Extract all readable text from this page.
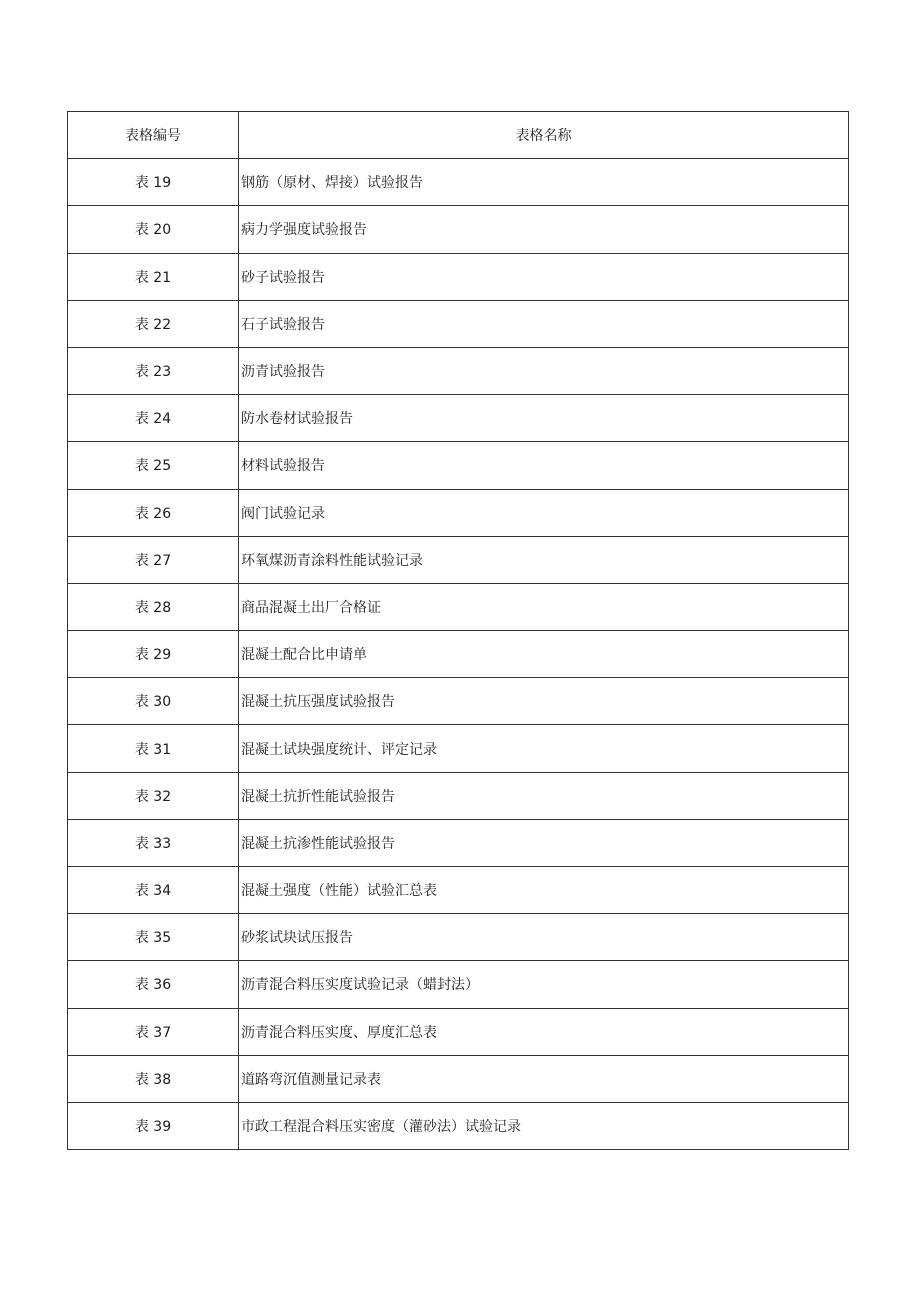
表格编号	表格名称
表 19	钢筋（原材、焊接）试验报告
表 20	病力学强度试验报告
表 21	砂子试验报告
表 22	石子试验报告
表 23	沥青试验报告
表 24	防水卷材试验报告
表 25	材料试验报告
表 26	阀门试验记录
表 27	环氧煤沥青涂料性能试验记录
表 28	商品混凝土出厂合格证
表 29	混凝土配合比申请单
表 30	混凝土抗压强度试验报告
表 31	混凝土试块强度统计、评定记录
表 32	混凝土抗折性能试验报告
表 33	混凝土抗渗性能试验报告
表 34	混凝土强度（性能）试验汇总表
表 35	砂浆试块试压报告
表 36	沥青混合料压实度试验记录（蜡封法）
表 37	沥青混合料压实度、厚度汇总表
表 38	道路弯沉值测量记录表
表 39	市政工程混合料压实密度（灌砂法）试验记录
